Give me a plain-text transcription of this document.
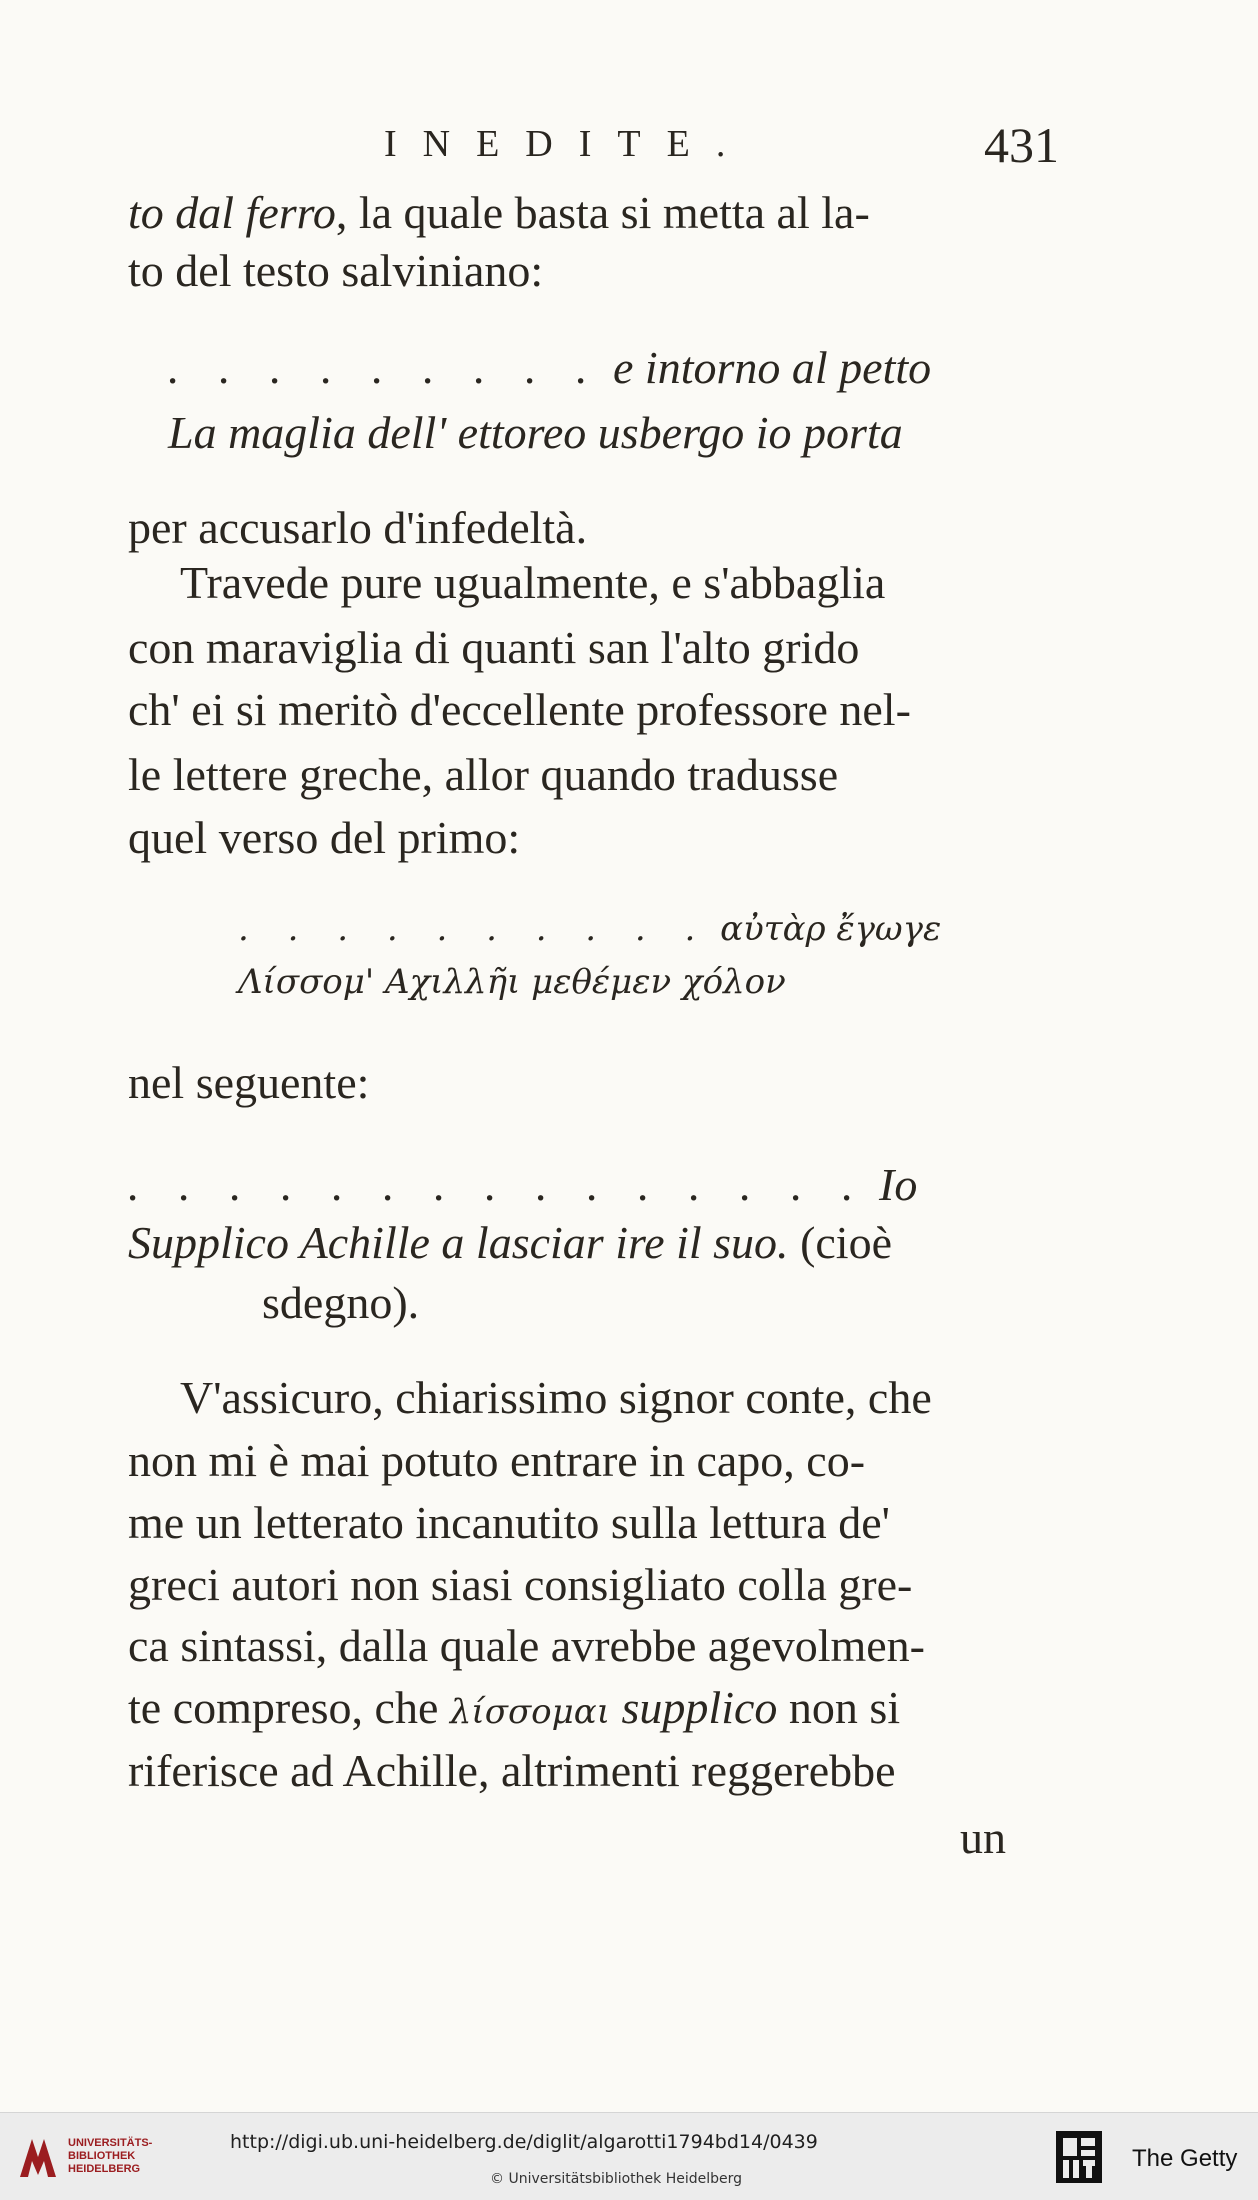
INEDITE.	431
to dal ferro, la quale basta si metta al la-
to del testo salviniano:
. . . . . . . . . e intorno al petto
La maglia dell' ettoreo usbergo io porta
per accusarlo d'infedeltà.
Travede pure ugualmente, e s'abbaglia
con maraviglia di quanti san l'alto grido
ch' ei si meritò d'eccellente professore nel-
le lettere greche, allor quando tradusse
quel verso del primo:
. . . . . . . . . . αὐτὰρ ἔγωγε
Λίσσομ' Αχιλλῆι μεθέμεν χόλον
nel seguente:
. . . . . . . . . . . . . . . Io
Supplico Achille a lasciar ire il suo. (cioè
sdegno).
V'assicuro, chiarissimo signor conte, che
non mi è mai potuto entrare in capo, co-
me un letterato incanutito sulla lettura de'
greci autori non siasi consigliato colla gre-
ca sintassi, dalla quale avrebbe agevolmen-
te compreso, che λίσσομαι supplico non si
riferisce ad Achille, altrimenti reggerebbe
un
UNIVERSITÄTS-
BIBLIOTHEK
HEIDELBERG
http://digi.ub.uni-heidelberg.de/diglit/algarotti1794bd14/0439
© Universitätsbibliothek Heidelberg
The Getty
